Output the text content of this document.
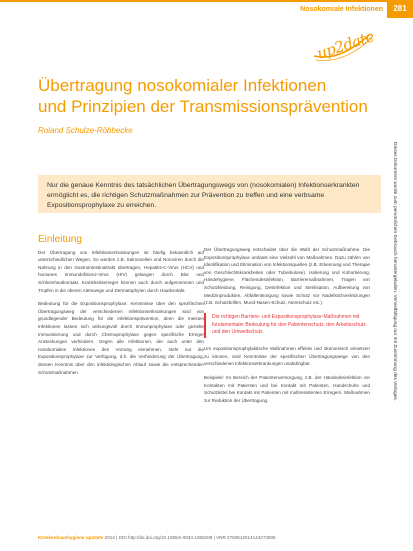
Nosokomiale Infektionen	281
up2date
Übertragung nosokomialer Infektionen
und Prinzipien der Transmissionsprävention
Roland Schulze-Röbbecke
Nur die genaue Kenntnis des tatsächlichen Übertragungswegs von (nosokomialen) Infektionserkrankten ermöglicht es, die richtigen Schutzmaßnahmen zur Prävention zu treffen und eine verbsame Expositionsprophylaxe zu erreichen.	Dieses Dokument wurde zum persönlichen Gebrauch heruntergeladen. Vervielfältigung nur mit Zustimmung des Verlages.
Einleitung

Der Übertragung von Infektionserkrankungen ist häufig bekanntlich auf unterschiedlichen Wegen. So werden z.B. Salmonellen und Noroviren durch die Nahrung in den Gastrointestinaltrakt übertragen, Hepatitis-C-Virus (HCV) und humanes Immundefizienz-Virus (HIV) gelangen durch Blut und Schleimhautkontakt. Krankheitserreger können auch durch aufgenommen und Tropfen in die oberen Atemwege und Dermatophyten durch Hautkontakt.

Bedeutung für die Expositionsprophylaxe: Kenntnisse über den spezifischen Übertragungsweg der verschiedenen Infektionserkrankungen sind von grundlegender Bedeutung für die Infektionsprävention, denn die meisten Infektionen lassen sich wirkungsvoll durch Immunprophylaxe oder gezielte Immunisierung und durch Chemoprophylaxe gegen spezifische Erreger Ansteckungen verhindern. Gegen alle Infektionen, der auch unter den nosokomialen Infektionen den Vorrang einnehmen, steht nur die Expositionsprophylaxe zur Verfügung, d.h. die Verhinderung der Übertragung, dessen Kenntnis über den infektiologischen Ablauf sowie die entsprechenden Schutzmaßnahmen.

Der Übertragungsweg entscheidet über die Wahl der Schutzmaßnahme. Die Expositionsprophylaxe umfasst eine Vielzahl von Maßnahmen. Dazu zählen von Identifikation und Elimination von Infektionsquellen (z.B. Erkennung und Therapie von Geschlechtskrankheiten oder Tuberkulose). Isolierung und Kohortierung, Händehygiene, Flächendesinfektion, Barrieremaßnahmen, Tragen von Schutzkleidung, Reinigung, Desinfektion und Sterilisation, Aufbereitung von Medizinprodukten, Abfallentsorgung sowie Schutz vor Nadelstichverletzungen (z.B. Schutzbrillen, Mund-Nasen-Schutz, Atemschutz etc.).

Die richtigen Barriere- und Expositionsprophylaxe-Maßnahmen mit fundamentaler Bedeutung für den Patientenschutz, den Arbeitsschutz und den Umweltschutz.

Um expositionsprophylaktische Maßnahmen effektiv und ökonomisch einsetzen zu können, sind Kenntnisse der spezifischen Übertragungswege von den verschiedenen Infektionserkrankungen unabdingbar.

Beispiele: Im Bereich der Patientenversorgung, z.B. der Händedesinfektion vor Kontakten mit Patienten und bei Kontakt mit Patienten. Handschuhe und Schutzkittel bei Kontakt mit Patienten mit multiresistenten Erregern. Maßnahmen zur Reduktion der Übertragung.

Krankenhaushygiene up2date 2014 | DOI http://dx.doi.org/10.1055/s-0034-1365209 | VNR 2760512014144273005
